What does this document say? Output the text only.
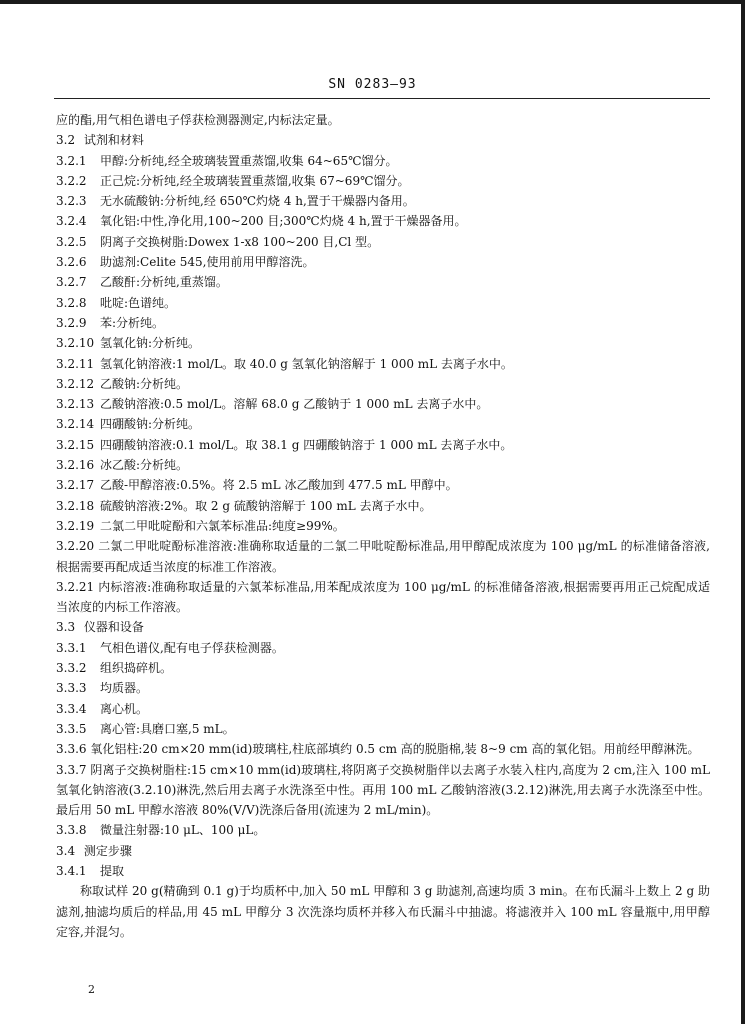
SN 0283—93
应的酯,用气相色谱电子俘获检测器测定,内标法定量。
3.2 试剂和材料
3.2.1 甲醇:分析纯,经全玻璃装置重蒸馏,收集 64~65℃馏分。
3.2.2 正己烷:分析纯,经全玻璃装置重蒸馏,收集 67~69℃馏分。
3.2.3 无水硫酸钠:分析纯,经 650℃灼烧 4 h,置于干燥器内备用。
3.2.4 氧化铝:中性,净化用,100~200 目;300℃灼烧 4 h,置于干燥器备用。
3.2.5 阴离子交换树脂:Dowex 1-x8 100~200 目,Cl 型。
3.2.6 助滤剂:Celite 545,使用前用甲醇溶洗。
3.2.7 乙酸酐:分析纯,重蒸馏。
3.2.8 吡啶:色谱纯。
3.2.9 苯:分析纯。
3.2.10 氢氧化钠:分析纯。
3.2.11 氢氧化钠溶液:1 mol/L。取 40.0 g 氢氧化钠溶解于 1 000 mL 去离子水中。
3.2.12 乙酸钠:分析纯。
3.2.13 乙酸钠溶液:0.5 mol/L。溶解 68.0 g 乙酸钠于 1 000 mL 去离子水中。
3.2.14 四硼酸钠:分析纯。
3.2.15 四硼酸钠溶液:0.1 mol/L。取 38.1 g 四硼酸钠溶于 1 000 mL 去离子水中。
3.2.16 冰乙酸:分析纯。
3.2.17 乙酸-甲醇溶液:0.5%。将 2.5 mL 冰乙酸加到 477.5 mL 甲醇中。
3.2.18 硫酸钠溶液:2%。取 2 g 硫酸钠溶解于 100 mL 去离子水中。
3.2.19 二氯二甲吡啶酚和六氯苯标准品:纯度≥99%。
3.2.20 二氯二甲吡啶酚标准溶液:准确称取适量的二氯二甲吡啶酚标准品,用甲醇配成浓度为 100 μg/mL 的标准储备溶液,根据需要再配成适当浓度的标准工作溶液。
3.2.21 内标溶液:准确称取适量的六氯苯标准品,用苯配成浓度为 100 μg/mL 的标准储备溶液,根据需要再用正己烷配成适当浓度的内标工作溶液。
3.3 仪器和设备
3.3.1 气相色谱仪,配有电子俘获检测器。
3.3.2 组织捣碎机。
3.3.3 均质器。
3.3.4 离心机。
3.3.5 离心管:具磨口塞,5 mL。
3.3.6 氧化铝柱:20 cm×20 mm(id)玻璃柱,柱底部填约 0.5 cm 高的脱脂棉,装 8~9 cm 高的氧化铝。用前经甲醇淋洗。
3.3.7 阴离子交换树脂柱:15 cm×10 mm(id)玻璃柱,将阴离子交换树脂伴以去离子水装入柱内,高度为 2 cm,注入 100 mL 氢氧化钠溶液(3.2.10)淋洗,然后用去离子水洗涤至中性。再用 100 mL 乙酸钠溶液(3.2.12)淋洗,用去离子水洗涤至中性。最后用 50 mL 甲醇水溶液 80%(V/V)洗涤后备用(流速为 2 mL/min)。
3.3.8 微量注射器:10 μL、100 μL。
3.4 测定步骤
3.4.1 提取
称取试样 20 g(精确到 0.1 g)于均质杯中,加入 50 mL 甲醇和 3 g 助滤剂,高速均质 3 min。在布氏漏斗上数上 2 g 助滤剂,抽滤均质后的样品,用 45 mL 甲醇分 3 次洗涤均质杯并移入布氏漏斗中抽滤。将滤液并入 100 mL 容量瓶中,用甲醇定容,并混匀。
2
